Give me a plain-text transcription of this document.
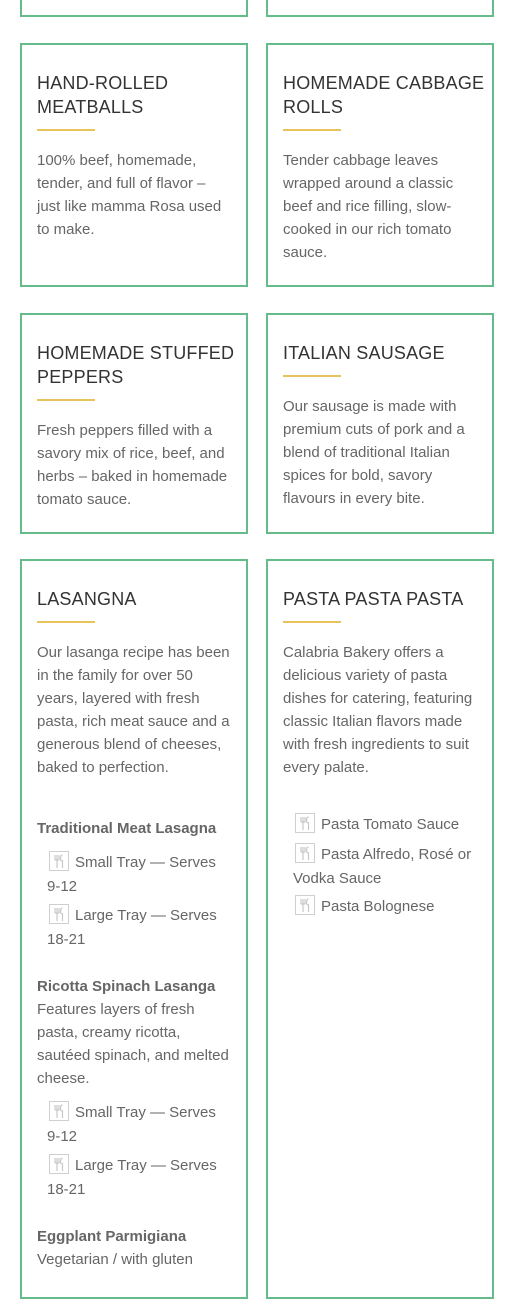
HAND-ROLLED
MEATBALLS

100% beef, homemade, tender, and full of flavor – just like mamma Rosa used to make.

HOMEMADE CABBAGE
ROLLS

Tender cabbage leaves wrapped around a classic beef and rice filling, slow-cooked in our rich tomato sauce.

HOMEMADE STUFFED
PEPPERS

Fresh peppers filled with a savory mix of rice, beef, and herbs – baked in homemade tomato sauce.

ITALIAN SAUSAGE

Our sausage is made with premium cuts of pork and a blend of traditional Italian spices for bold, savory flavours in every bite.

LASANGNA

Our lasanga recipe has been in the family for over 50 years, layered with fresh pasta, rich meat sauce and a generous blend of cheeses, baked to perfection.

Traditional Meat Lasagna
Small Tray — Serves 9-12
Large Tray — Serves 18-21
Ricotta Spinach Lasanga
Features layers of fresh pasta, creamy ricotta, sautéed spinach, and melted cheese.
Small Tray — Serves 9-12
Large Tray — Serves 18-21
Eggplant Parmigiana
Vegetarian / with gluten
PASTA PASTA PASTA

Calabria Bakery offers a delicious variety of pasta dishes for catering, featuring classic Italian flavors made with fresh ingredients to suit every palate.

Pasta Tomato Sauce
Pasta Alfredo, Rosé or Vodka Sauce
Pasta Bolognese
